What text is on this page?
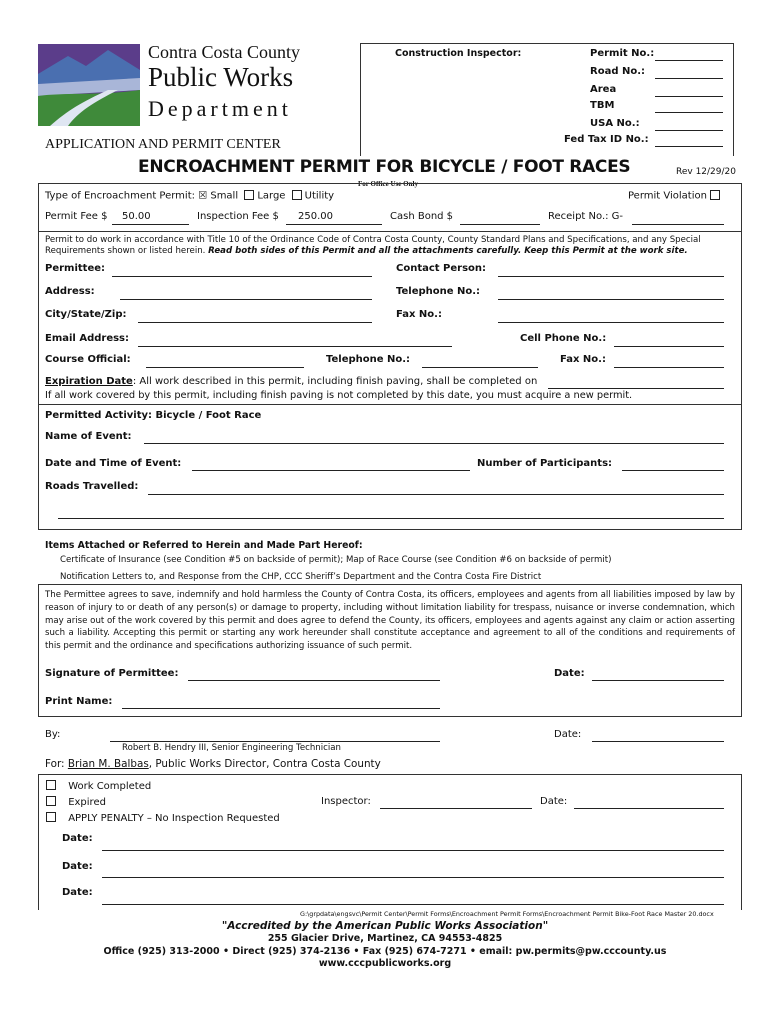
Contra Costa County
Public Works
Department
APPLICATION AND PERMIT CENTER
Construction Inspector:	Permit No.:
Road No.:
Area
TBM
USA No.:
Fed Tax ID No.:
ENCROACHMENT PERMIT FOR BICYCLE / FOOT RACES	Rev 12/29/20
For Office Use Only
Type of Encroachment Permit: ☒ Small Large Utility	Permit Violation
Permit Fee $ 50.00	Inspection Fee $ 250.00	Cash Bond $	Receipt No.: G-
Permit to do work in accordance with Title 10 of the Ordinance Code of Contra Costa County, County Standard Plans and Specifications, and any Special Requirements shown or listed herein. Read both sides of this Permit and all the attachments carefully. Keep this Permit at the work site.
Permittee:	Contact Person:
Address:	Telephone No.:
City/State/Zip:	Fax No.:
Email Address:	Cell Phone No.:
Course Official:	Telephone No.:	Fax No.:
Expiration Date: All work described in this permit, including finish paving, shall be completed on
If all work covered by this permit, including finish paving is not completed by this date, you must acquire a new permit.
Permitted Activity: Bicycle / Foot Race
Name of Event:
Date and Time of Event:	Number of Participants:
Roads Travelled:
Items Attached or Referred to Herein and Made Part Hereof:
Certificate of Insurance (see Condition #5 on backside of permit); Map of Race Course (see Condition #6 on backside of permit)
Notification Letters to, and Response from the CHP, CCC Sheriff’s Department and the Contra Costa Fire District
The Permittee agrees to save, indemnify and hold harmless the County of Contra Costa, its officers, employees and agents from all liabilities imposed by law by reason of injury to or death of any person(s) or damage to property, including without limitation liability for trespass, nuisance or inverse condemnation, which may arise out of the work covered by this permit and does agree to defend the County, its officers, employees and agents against any claim or action asserting such a liability. Accepting this permit or starting any work hereunder shall constitute acceptance and agreement to all of the conditions and requirements of this permit and the ordinance and specifications authorizing issuance of such permit.
Signature of Permittee:	Date:
Print Name:
By:	Date:
Robert B. Hendry III, Senior Engineering Technician
For: Brian M. Balbas, Public Works Director, Contra Costa County
Work Completed
Expired
APPLY PENALTY – No Inspection Requested
Inspector:	Date:
Date:
Date:
Date:
G:\grpdata\engsvc\Permit Center\Permit Forms\Encroachment Permit Forms\Encroachment Permit Bike-Foot Race Master 20.docx
"Accredited by the American Public Works Association"
255 Glacier Drive, Martinez, CA 94553-4825
Office (925) 313-2000 • Direct (925) 374-2136 • Fax (925) 674-7271 • email: pw.permits@pw.cccounty.us
www.cccpublicworks.org
